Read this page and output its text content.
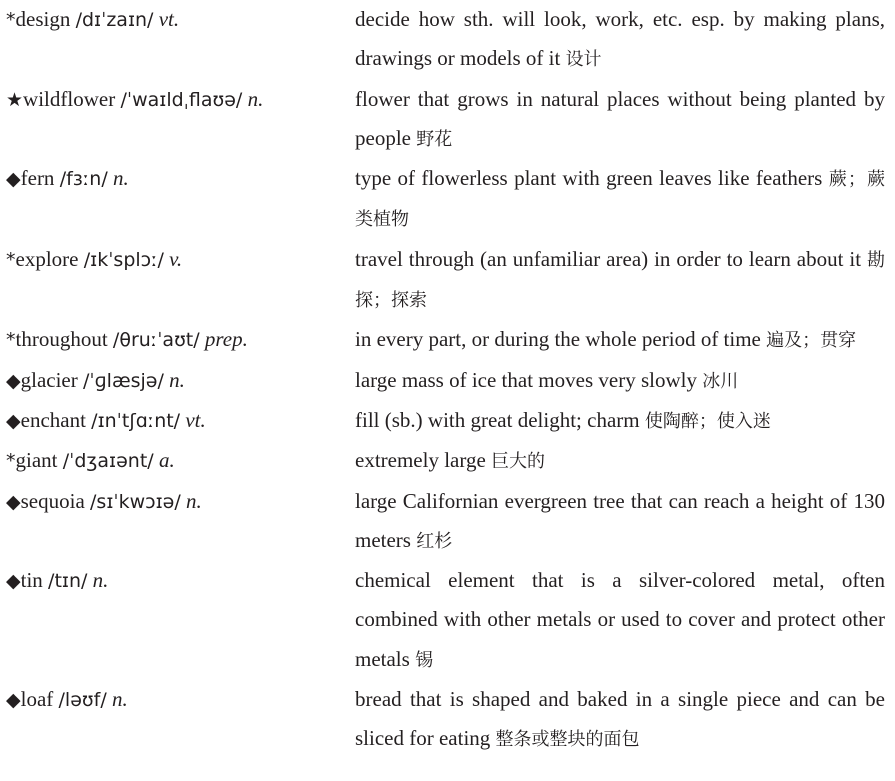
*design /dɪˈzaɪn/ vt.	decide how sth. will look, work, etc. esp. by making plans, drawings or models of it 设计
★wildflower /ˈwaɪldˌflaʊə/ n.	flower that grows in natural places without being planted by people 野花
◆fern /fɜːn/ n.	type of flowerless plant with green leaves like feathers 蕨；蕨类植物
*explore /ɪkˈsplɔː/ v.	travel through (an unfamiliar area) in order to learn about it 勘探；探索
*throughout /θruːˈaʊt/ prep.	in every part, or during the whole period of time 遍及；贯穿
◆glacier /ˈɡlæsjə/ n.	large mass of ice that moves very slowly 冰川
◆enchant /ɪnˈtʃɑːnt/ vt.	fill (sb.) with great delight; charm 使陶醉；使入迷
*giant /ˈdʒaɪənt/ a.	extremely large 巨大的
◆sequoia /sɪˈkwɔɪə/ n.	large Californian evergreen tree that can reach a height of 130 meters 红杉
◆tin /tɪn/ n.	chemical element that is a silver-colored metal, often combined with other metals or used to cover and protect other metals 锡
◆loaf /ləʊf/ n.	bread that is shaped and baked in a single piece and can be sliced for eating 整条或整块的面包
